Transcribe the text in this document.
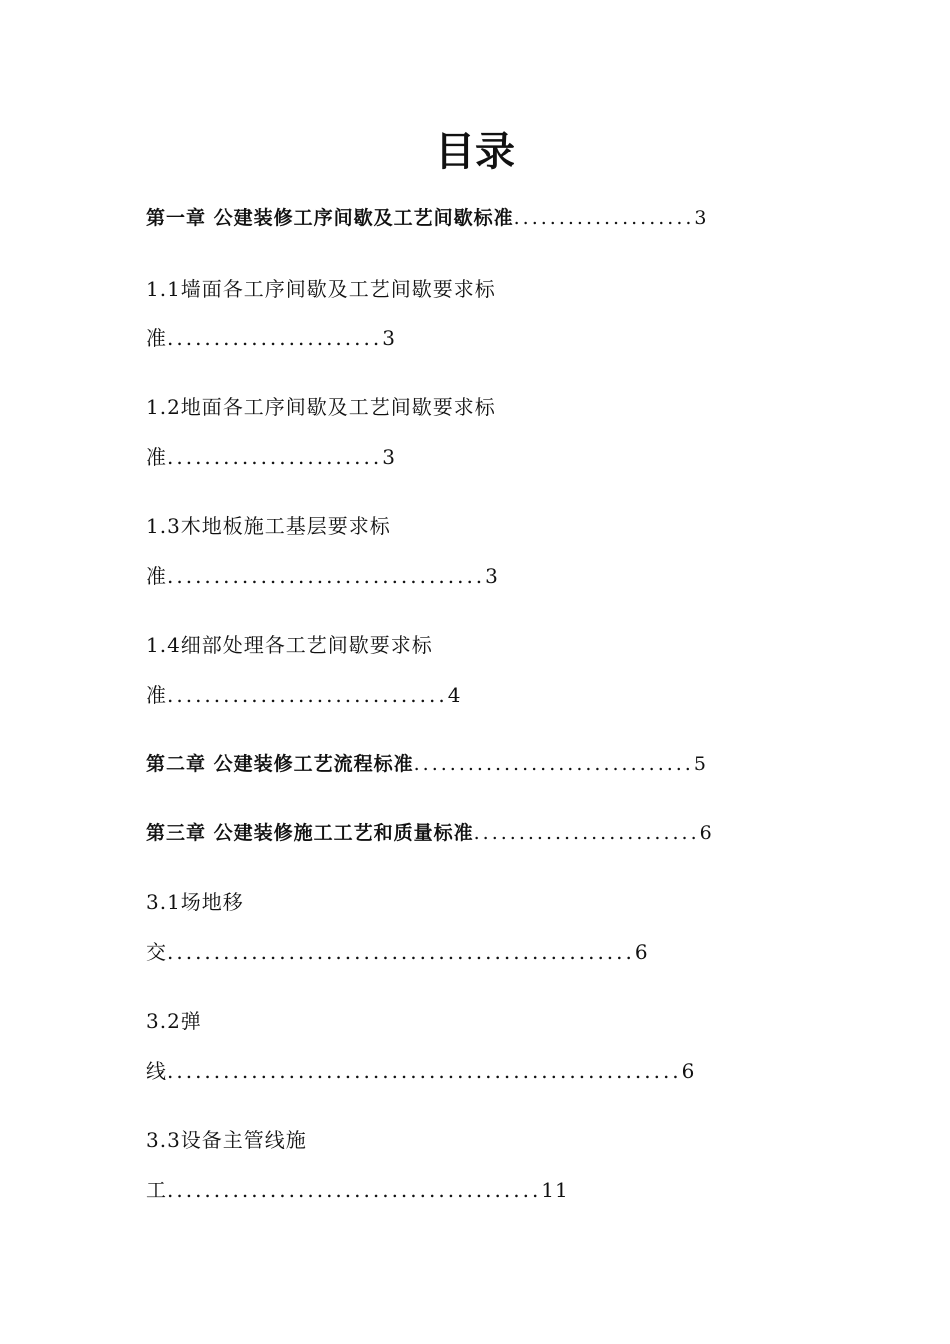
目录
第一章 公建装修工序间歇及工艺间歇标准....................3
1.1墙面各工序间歇及工艺间歇要求标
准.......................3
1.2地面各工序间歇及工艺间歇要求标
准.......................3
1.3木地板施工基层要求标
准..................................3
1.4细部处理各工艺间歇要求标
准..............................4
第二章 公建装修工艺流程标准...............................5
第三章 公建装修施工工艺和质量标准.........................6
3.1场地移
交..................................................6
3.2弹
线.......................................................6
3.3设备主管线施
工........................................11
